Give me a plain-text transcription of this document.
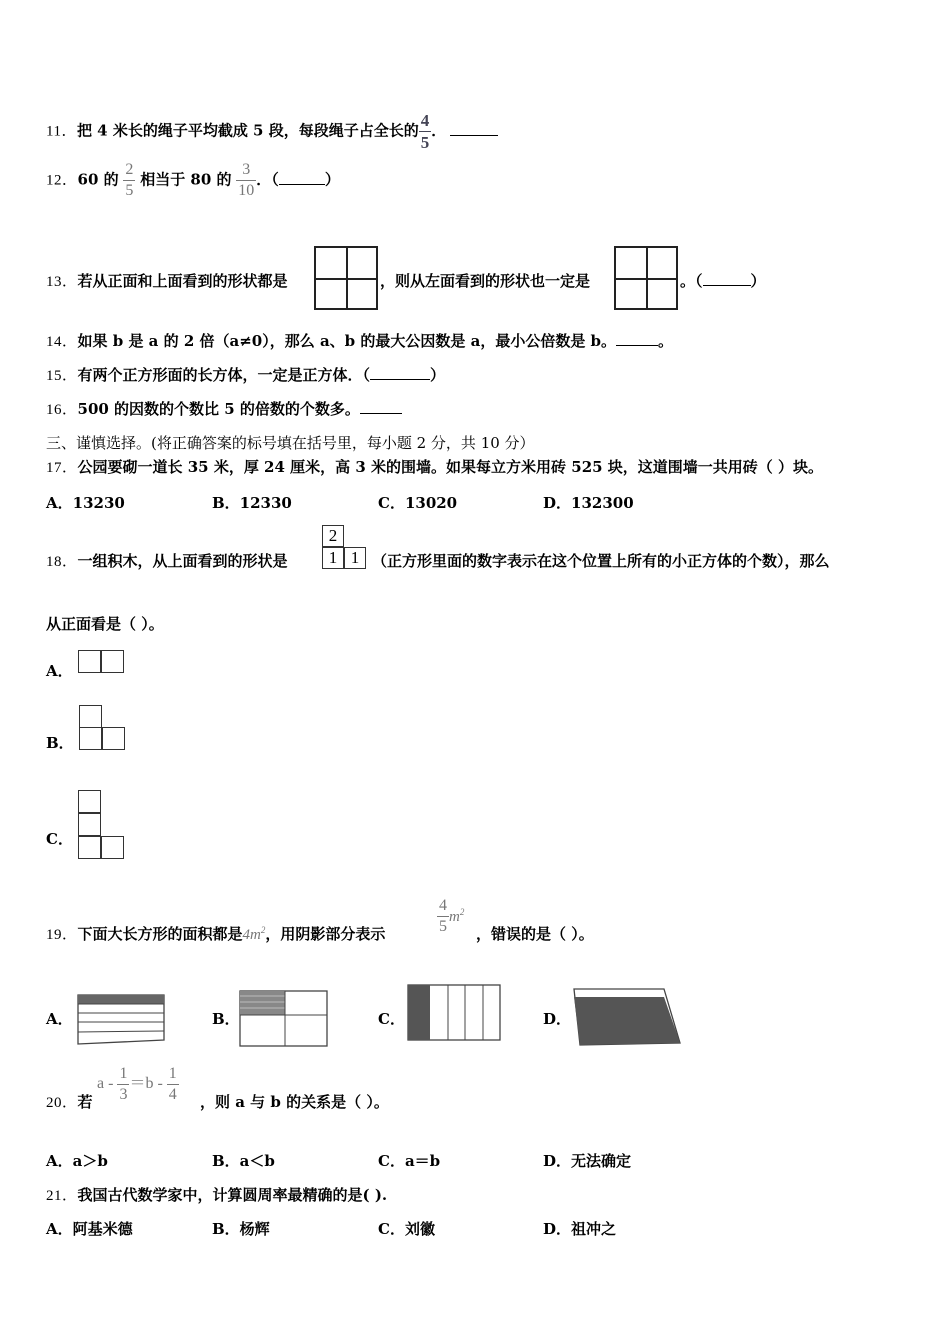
11．把 4 米长的绳子平均截成 5 段，每段绳子占全长的 $\frac{4}{5}$ ．
12．60 的 $\frac{2}{5}$ 相当于 80 的 $\frac{3}{10}$ ．（	）
13．若从正面和上面看到的形状都是	，则从左面看到的形状也一定是	。（	）
14．如果 b 是 a 的 2 倍（a≠0），那么 a、b 的最大公因数是 a，最小公倍数是 b。	。
15．有两个正方形面的长方体，一定是正方体．（	）
16．500 的因数的个数比 5 的倍数的个数多。
三、谨慎选择。(将正确答案的标号填在括号里，每小题 2 分，共 10 分）
17．公园要砌一道长 35 米，厚 24 厘米，高 3 米的围墙。如果每立方米用砖 525 块，这道围墙一共用砖（ ）块。
A．13230	B．12330	C．13020	D．132300
18．一组积木，从上面看到的形状是
2
1 1 （正方形里面的数字表示在这个位置上所有的小正方体的个数），那么
从正面看是（ ）。
A．
B．
C．
19．下面大长方形的面积都是$4m^2$，用阴影部分表示	$\frac{4}{5} m^2$
，错误的是（ ）。
A．	B．	C．	D．
20．若
$a - \frac{1}{3} =b - \frac{1}{4}$ ，则 a 与 b 的关系是（ ）。
A．a＞b	B．a＜b	C．a＝b	D．无法确定
21．我国古代数学家中，计算圆周率最精确的是( ).
A．阿基米德	B．杨辉	C．刘徽	D．祖冲之
